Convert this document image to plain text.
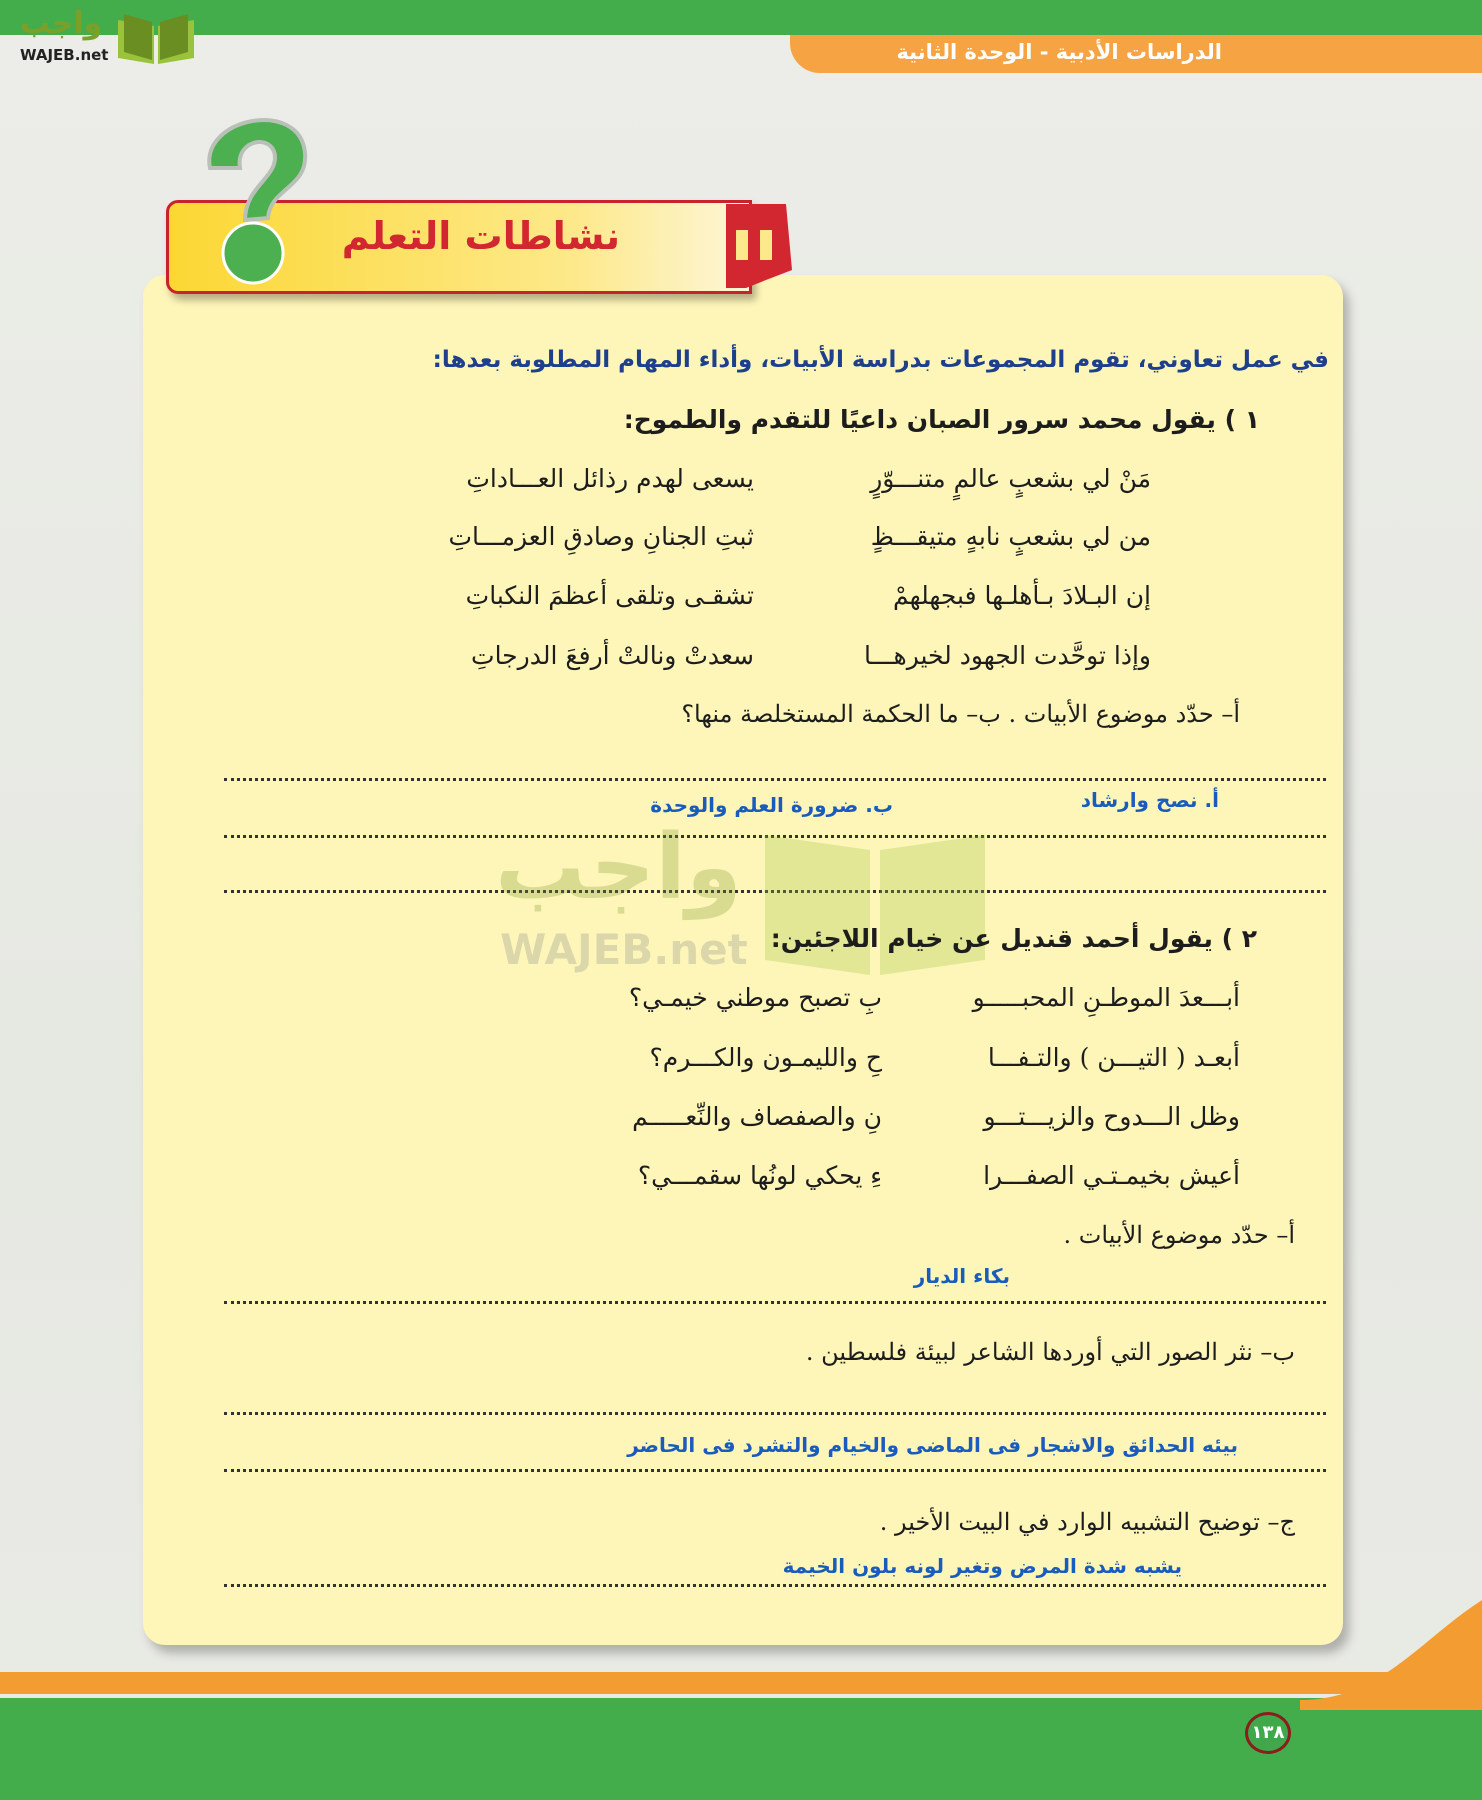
الدراسات الأدبية - الوحدة الثانية
واجب
WAJEB.net
نشاطات التعلم
في عمل تعاوني، تقوم المجموعات بدراسة الأبيات، وأداء المهام المطلوبة بعدها:
١ ) يقول محمد سرور الصبان داعيًا للتقدم والطموح:
مَنْ لي بشعبٍ عالمٍ متنـــوّرٍ
يسعى لهدم رذائل العـــاداتِ
من لي بشعبٍ نابهٍ متيقـــظٍ
ثبتِ الجنانِ وصادقِ العزمـــاتِ
إن البـلادَ بـأهلـها فبجهلهمْ
تشقـى وتلقى أعظمَ النكباتِ
وإذا توحَّدت الجهود لخيرهـــا
سعدتْ ونالتْ أرفعَ الدرجاتِ
أ– حدّد موضوع الأبيات . ب– ما الحكمة المستخلصة منها؟
أ. نصح وارشاد
ب. ضرورة العلم والوحدة
واجب
WAJEB.net ٢ ) يقول أحمد قنديل عن خيام اللاجئين:
أبـــعدَ الموطـنِ المحبـــــو
بِ تصبح موطني خيمـي؟
أبعـد ( التيـــن ) والتـفـــا
حِ والليمـون والكـــرم؟
وظل الـــدوح والزيـــتـــو
نِ والصفصاف والنِّعـــــم
أعيش بخيمـتـي الصفـــرا
ءِ يحكي لونُها سقمـــي؟
أ– حدّد موضوع الأبيات .
بكاء الديار
ب– نثر الصور التي أوردها الشاعر لبيئة فلسطين .
بيئه الحدائق والاشجار فى الماضى والخيام والتشرد فى الحاضر
ج– توضيح التشبيه الوارد في البيت الأخير .
يشبه شدة المرض وتغير لونه بلون الخيمة
١٣٨
